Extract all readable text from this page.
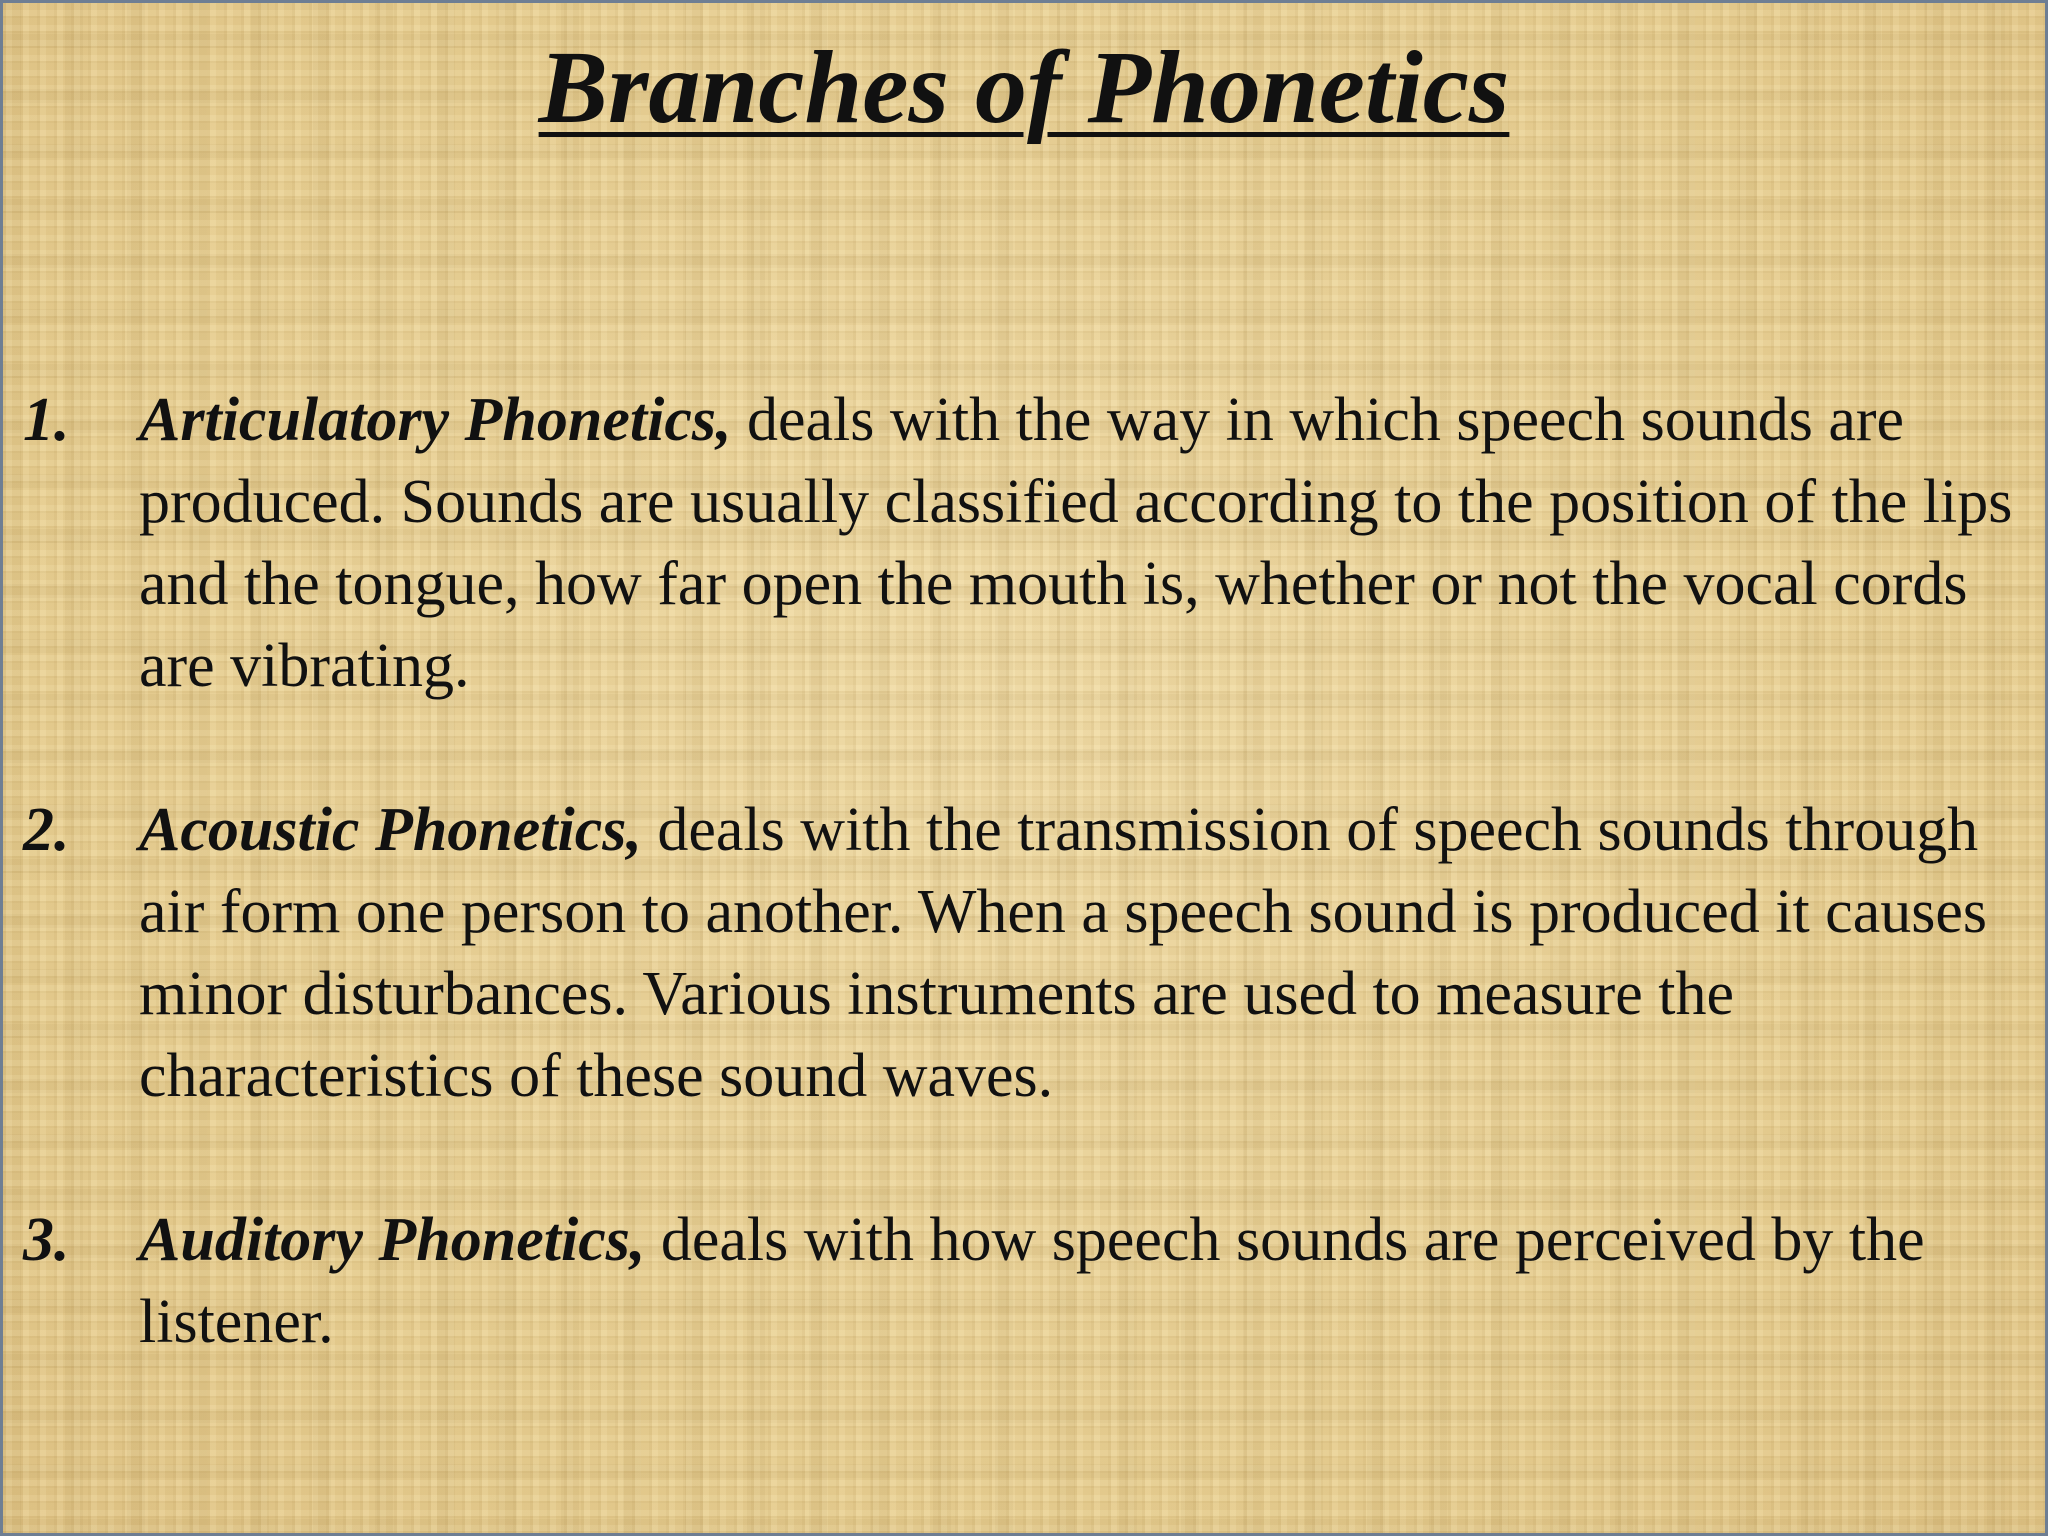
Branches of Phonetics
1. Articulatory Phonetics, deals with the way in which speech sounds are produced. Sounds are usually classified according to the position of the lips and the tongue, how far open the mouth is, whether or not the vocal cords are vibrating.
2. Acoustic Phonetics, deals with the transmission of speech sounds through air form one person to another. When a speech sound is produced it causes minor disturbances. Various instruments are used to measure the characteristics of these sound waves.
3. Auditory Phonetics, deals with how speech sounds are perceived by the listener.
